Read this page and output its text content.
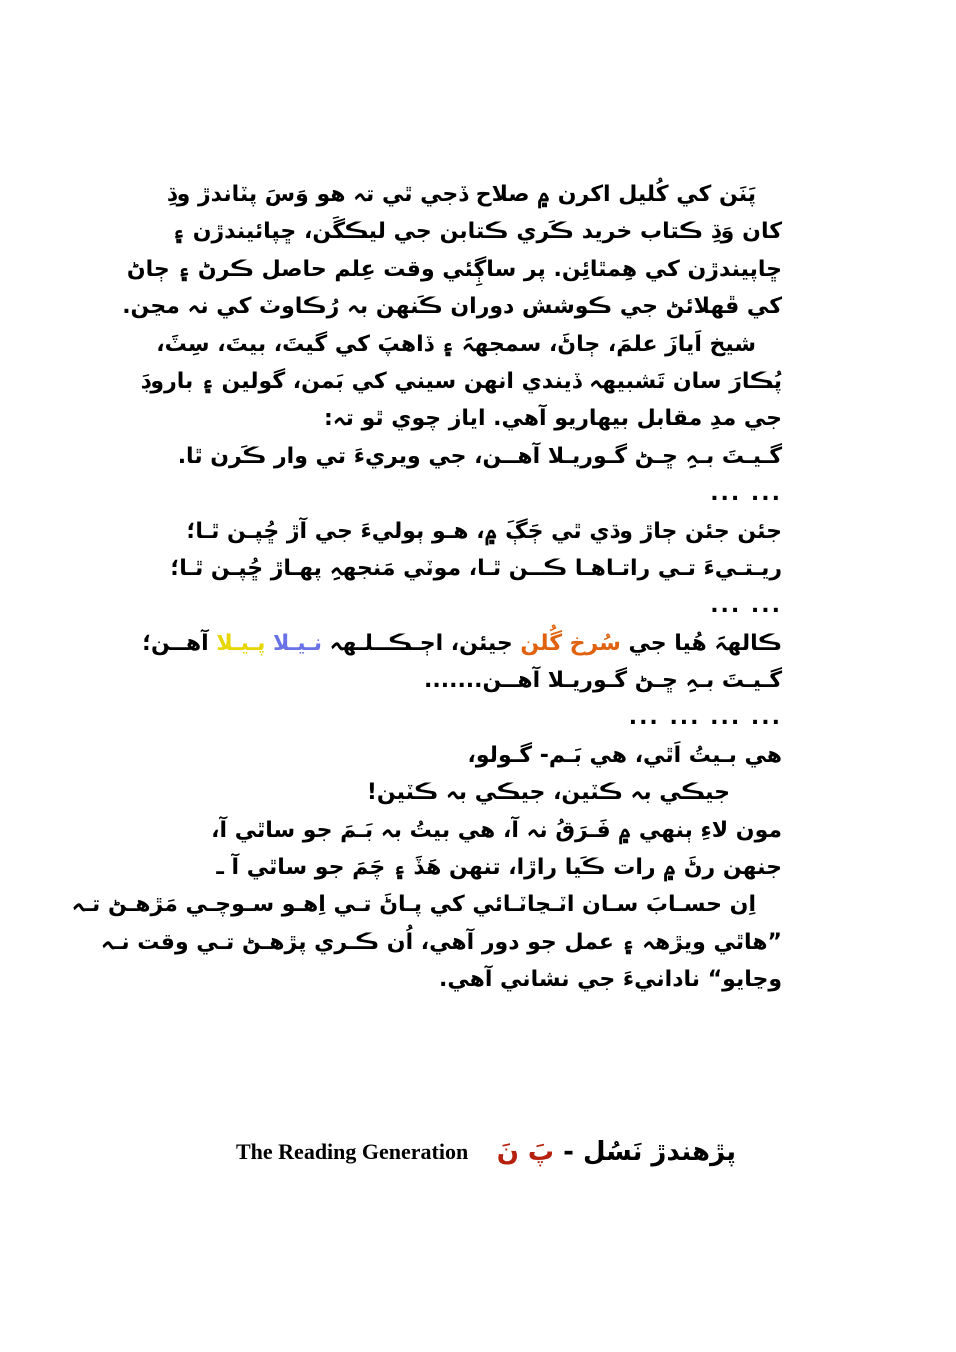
پَنَن کي کُليل اکرن ۾ صلاح ڏجي ٿي تہ هو وَسَ پٽاندڙ وڌِ
کان وَڌِ ڪتاب خريد ڪَري ڪتابن جي ليڪگَن، ڇپائيندڙن ۽
ڇاپيندڙن کي هِمٿائِن. پر ساڳِئي وقت عِلم حاصل ڪرڻ ۽ ڄاڻ
کي ڦهلائڻ جي ڪوشش دوران ڪَنهن بہ رُڪاوٽ کي نہ مڃن.
شيخ اَيازَ علمَ، ڄاڻَ، سمجهہَ ۽ ڏاهپَ کي گيتَ، بيتَ، سِٽَ،
پُڪارَ سان تَشبيهہ ڏيندي انهن سيني کي بَمن، گولين ۽ باروڊَ
جي مدِ مقابل بيهاريو آهي. اياز چوي ٿو تہ:
گـيـتَ بـہِ ڇـڻ گـوريـلا آهــن، جي ويريءَ تي وار ڪَرن ٿا.
... ...
جئن جئن ڄاڙ وڌي ٿي ڄَڳَ ۾، هـو ٻوليءَ جي آڙ ڇُپـن ٿـا؛
ريـتـيءَ تـي راتـاهـا ڪــن ٿـا، موٽي مَنجهہِ پهـاڙ ڇُپـن ٿـا؛
... ...
ڪالهہَ هُيا جي سُرخ گُلن جيئن، اڄـڪــلـهہ نـيـلا پـيـلا آهــن؛
گـيـتَ بـہِ ڇـڻ گـوريـلا آهــن.......
... ... ... ...
هي بـيتُ اَٿي، هي بَـم- گـولو،
جيڪي بہ ڪٽين، جيڪي بہ ڪٽين!
مون لاءِ ٻنهي ۾ فَـرَقُ نہ آ، هي بيتُ بہ بَـمَ جو ساٿي آ،
جنهن رڻَ ۾ رات ڪَيا راڙا، تنهن هَڏَ ۽ چَمَ جو ساٿي آ ـ
اِن حسـابَ سـان اٽـڃاٽـائي کي پـاڻَ تـي اِهـو سـوچـي مَڙهـڻ تـہ
”هاٿي ويڙهہ ۽ عمل جو دور آهي، اُن ڪـري پڙهـڻ تـي وقت نـہ
وڃايو“ ناداني‌ءَ جي نشاني آهي.
The Reading Generation	پڙهندڙ نَسُل - پَ نَ
